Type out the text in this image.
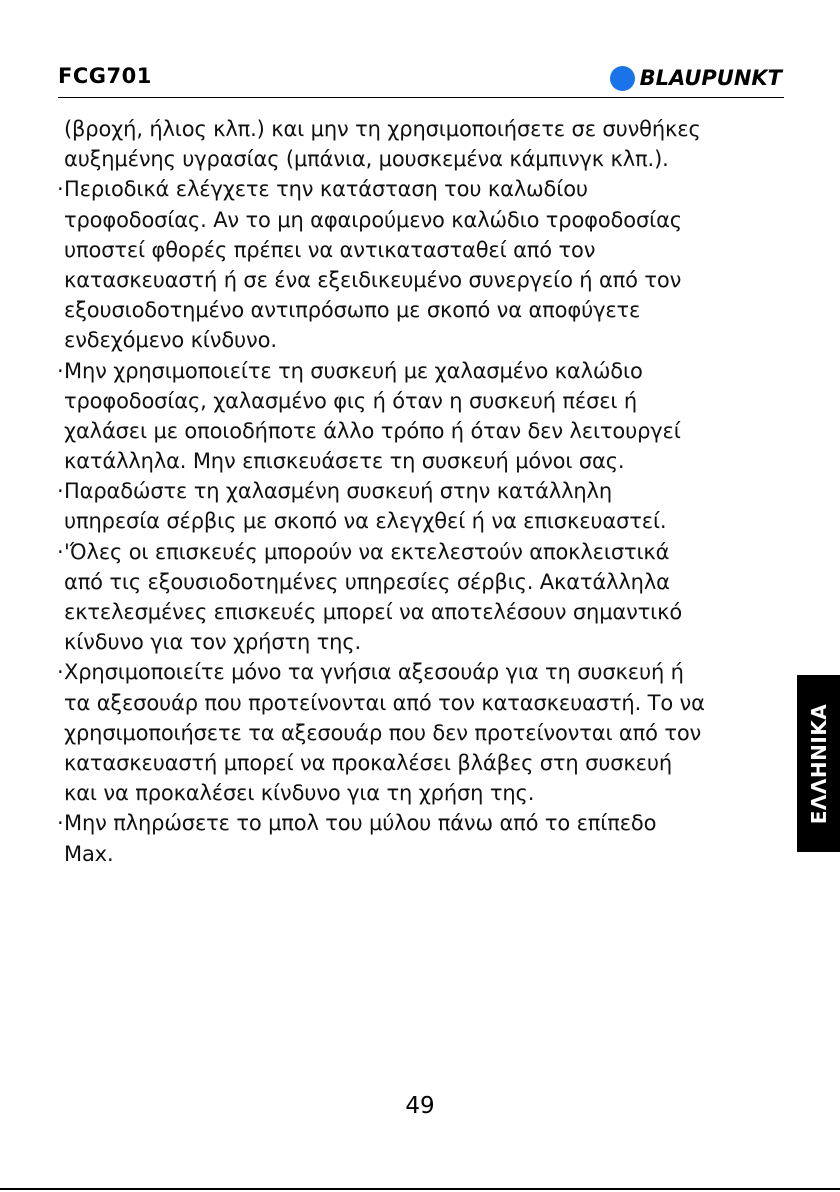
FCG701	BLAUPUNKT
(βροχή, ήλιος κλπ.) και μην τη χρησιμοποιήσετε σε συνθήκες
αυξημένης υγρασίας (μπάνια, μουσκεμένα κάμπινγκ κλπ.).
· Περιοδικά ελέγχετε την κατάσταση του καλωδίου
τροφοδοσίας. Αν το μη αφαιρούμενο καλώδιο τροφοδοσίας
υποστεί φθορές πρέπει να αντικατασταθεί από τον
κατασκευαστή ή σε ένα εξειδικευμένο συνεργείο ή από τον
εξουσιοδοτημένο αντιπρόσωπο με σκοπό να αποφύγετε
ενδεχόμενο κίνδυνο.
· Μην χρησιμοποιείτε τη συσκευή με χαλασμένο καλώδιο
τροφοδοσίας, χαλασμένο φις ή όταν η συσκευή πέσει ή
χαλάσει με οποιοδήποτε άλλο τρόπο ή όταν δεν λειτουργεί
κατάλληλα. Μην επισκευάσετε τη συσκευή μόνοι σας.
· Παραδώστε τη χαλασμένη συσκευή στην κατάλληλη
υπηρεσία σέρβις με σκοπό να ελεγχθεί ή να επισκευαστεί.
· 'Όλες οι επισκευές μπορούν να εκτελεστούν αποκλειστικά
από τις εξουσιοδοτημένες υπηρεσίες σέρβις. Ακατάλληλα
εκτελεσμένες επισκευές μπορεί να αποτελέσουν σημαντικό
κίνδυνο για τον χρήστη της.
· Χρησιμοποιείτε μόνο τα γνήσια αξεσουάρ για τη συσκευή ή
τα αξεσουάρ που προτείνονται από τον κατασκευαστή. Το να
χρησιμοποιήσετε τα αξεσουάρ που δεν προτείνονται από τον
κατασκευαστή μπορεί να προκαλέσει βλάβες στη συσκευή
και να προκαλέσει κίνδυνο για τη χρήση της.
· Μην πληρώσετε το μπολ του μύλου πάνω από το επίπεδο
Max.
ΕΛΛΗΝΙΚΑ
49
